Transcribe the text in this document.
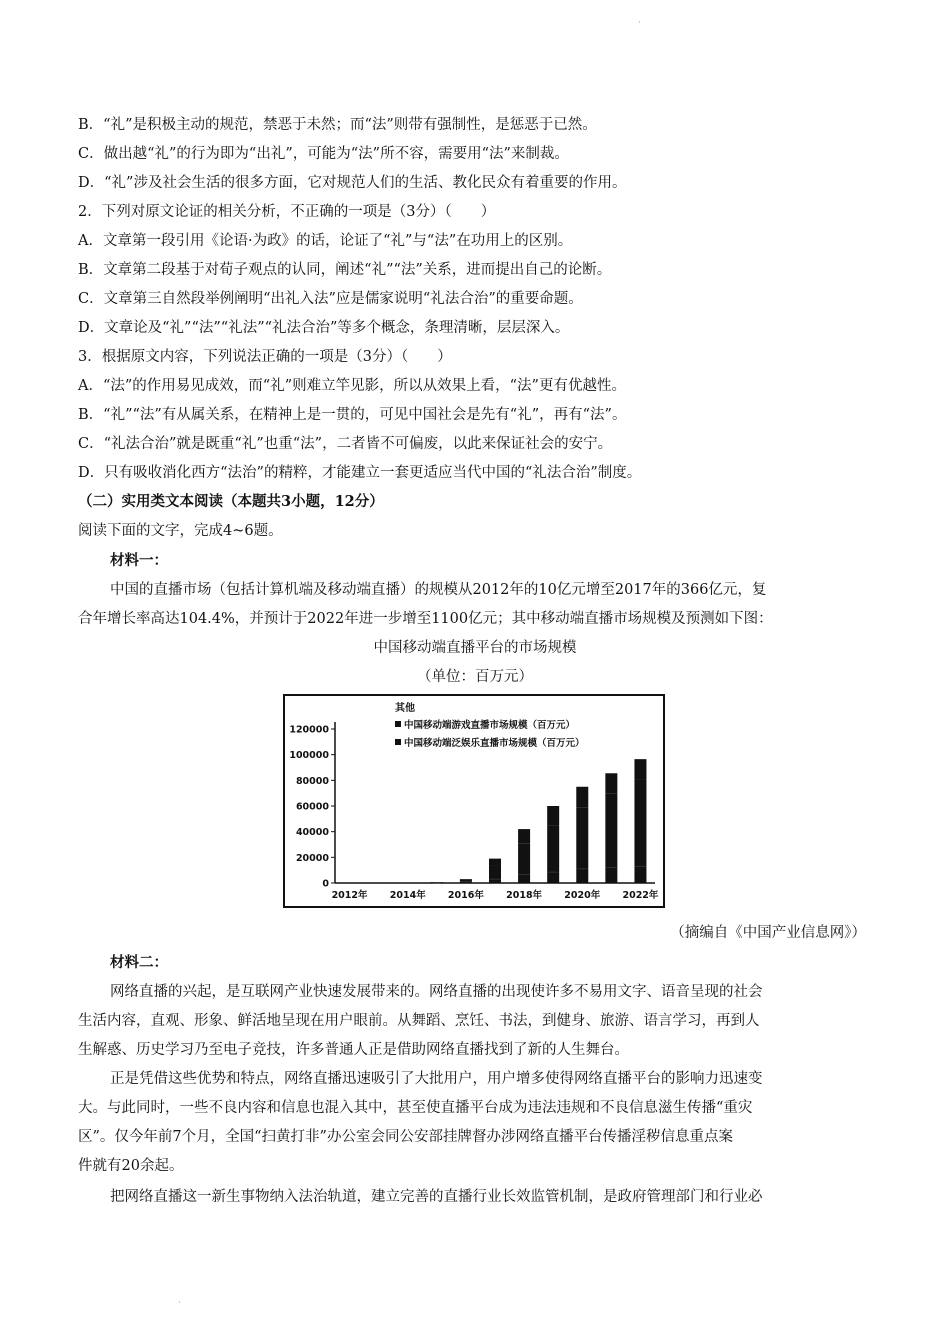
·
B．“礼”是积极主动的规范，禁恶于未然；而“法”则带有强制性，是惩恶于已然。
C．做出越“礼”的行为即为“出礼”，可能为“法”所不容，需要用“法”来制裁。
D．“礼”涉及社会生活的很多方面，它对规范人们的生活、教化民众有着重要的作用。
2．下列对原文论证的相关分析，不正确的一项是（3分）（　　）
A．文章第一段引用《论语·为政》的话，论证了“礼”与“法”在功用上的区别。
B．文章第二段基于对荀子观点的认同，阐述“礼”“法”关系，进而提出自己的论断。
C．文章第三自然段举例阐明“出礼入法”应是儒家说明“礼法合治”的重要命题。
D．文章论及“礼”“法”“礼法”“礼法合治”等多个概念，条理清晰，层层深入。
3．根据原文内容，下列说法正确的一项是（3分）（　　）
A．“法”的作用易见成效，而“礼”则难立竿见影，所以从效果上看，“法”更有优越性。
B．“礼”“法”有从属关系，在精神上是一贯的，可见中国社会是先有“礼”，再有“法”。
C．“礼法合治”就是既重“礼”也重“法”，二者皆不可偏废，以此来保证社会的安宁。
D．只有吸收消化西方“法治”的精粹，才能建立一套更适应当代中国的“礼法合治”制度。
（二）实用类文本阅读（本题共3小题，12分）
阅读下面的文字，完成4~6题。
材料一：
中国的直播市场（包括计算机端及移动端直播）的规模从2012年的10亿元增至2017年的366亿元，复
合年增长率高达104.4%，并预计于2022年进一步增至1100亿元；其中移动端直播市场规模及预测如下图：
中国移动端直播平台的市场规模
（单位：百万元）
0
20000
40000
60000
80000
100000
120000
2012年 2014年 2016年 2018年 2020年 2022年
其他
中国移动端游戏直播市场规模（百万元）
中国移动端泛娱乐直播市场规模（百万元）
（摘编自《中国产业信息网》）
材料二：
网络直播的兴起，是互联网产业快速发展带来的。网络直播的出现使许多不易用文字、语音呈现的社会
生活内容，直观、形象、鲜活地呈现在用户眼前。从舞蹈、烹饪、书法，到健身、旅游、语言学习，再到人
生解惑、历史学习乃至电子竞技，许多普通人正是借助网络直播找到了新的人生舞台。
正是凭借这些优势和特点，网络直播迅速吸引了大批用户，用户增多使得网络直播平台的影响力迅速变
大。与此同时，一些不良内容和信息也混入其中，甚至使直播平台成为违法违规和不良信息滋生传播“重灾
区”。仅今年前7个月，全国“扫黄打非”办公室会同公安部挂牌督办涉网络直播平台传播淫秽信息重点案
件就有20余起。
把网络直播这一新生事物纳入法治轨道，建立完善的直播行业长效监管机制，是政府管理部门和行业必
·
